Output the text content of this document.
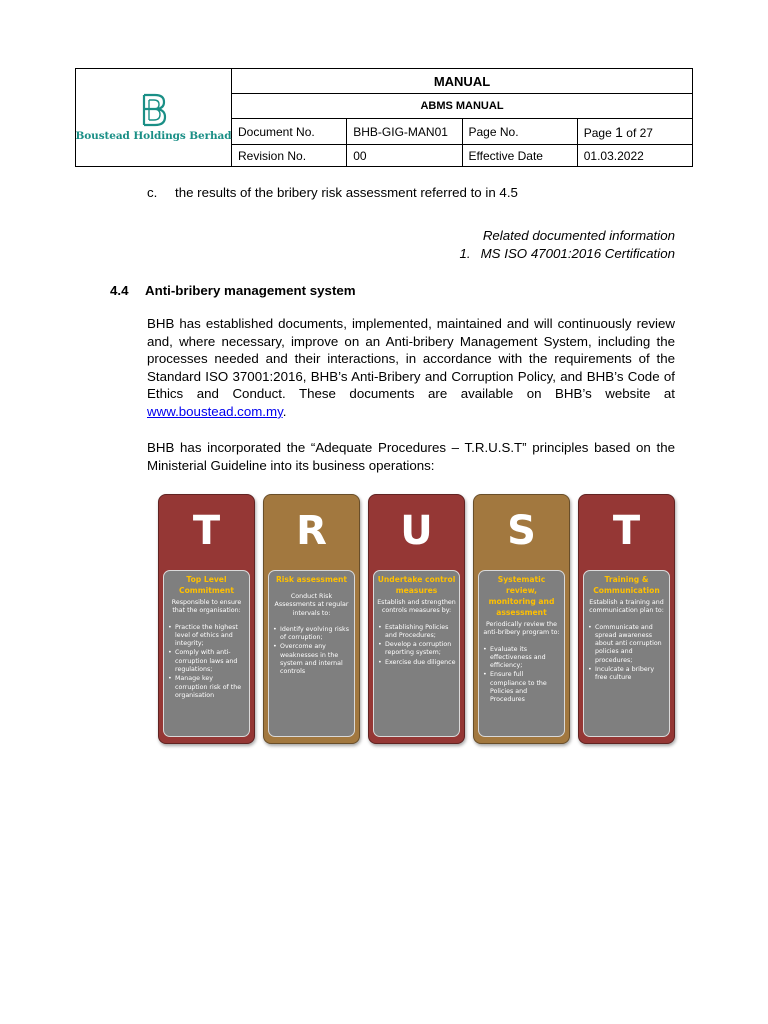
Boustead Holdings Berhad	MANUAL			
	ABMS MANUAL			
	Document No.	BHB-GIG-MAN01	Page No.	Page 1 of 27
	Revision No.	00	Effective Date	01.03.2022
c. the results of the bribery risk assessment referred to in 4.5
Related documented information
1. MS ISO 47001:2016 Certification
4.4 Anti-bribery management system
BHB has established documents, implemented, maintained and will continuously review and, where necessary, improve on an Anti-bribery Management System, including the processes needed and their interactions, in accordance with the requirements of the Standard ISO 37001:2016, BHB’s Anti-Bribery and Corruption Policy, and BHB’s Code of Ethics and Conduct. These documents are available on BHB’s website at www.boustead.com.my.
BHB has incorporated the “Adequate Procedures – T.R.U.S.T” principles based on the Ministerial Guideline into its business operations:
T
Top Level Commitment
Responsible to ensure that the organisation:
• Practice the highest level of ethics and integrity;
• Comply with anti-corruption laws and regulations;
• Manage key corruption risk of the organisation
R
Risk assessment
Conduct Risk Assessments at regular intervals to:
• Identify evolving risks of corruption;
• Overcome any weaknesses in the system and internal controls
U
Undertake control measures
Establish and strengthen controls measures by:
• Establishing Policies and Procedures;
• Develop a corruption reporting system;
• Exercise due diligence
S
Systematic review, monitoring and assessment
Periodically review the anti-bribery program to:
• Evaluate its effectiveness and efficiency;
• Ensure full compliance to the Policies and Procedures
T
Training & Communication
Establish a training and communication plan to:
• Communicate and spread awareness about anti corruption policies and procedures;
• Inculcate a bribery free culture
